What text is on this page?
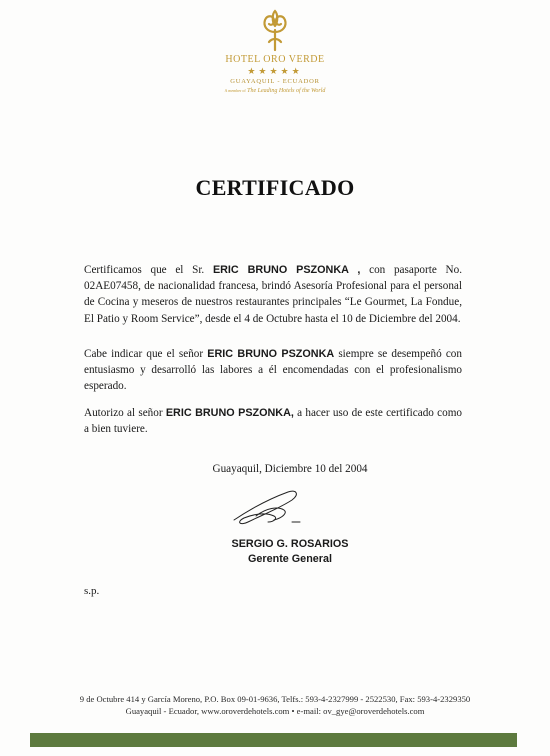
HOTEL ORO VERDE
★★★★★
GUAYAQUIL - ECUADOR
A member of The Leading Hotels of the World
CERTIFICADO
Certificamos que el Sr. ERIC BRUNO PSZONKA , con pasaporte No. 02AE07458, de nacionalidad francesa, brindó Asesoría Profesional para el personal de Cocina y meseros de nuestros restaurantes principales “Le Gourmet, La Fondue, El Patio y Room Service”, desde el 4 de Octubre hasta el 10 de Diciembre del 2004.
Cabe indicar que el señor ERIC BRUNO PSZONKA siempre se desempeñó con entusiasmo y desarrolló las labores a él encomendadas con el profesionalismo esperado.
Autorizo al señor ERIC BRUNO PSZONKA, a hacer uso de este certificado como a bien tuviere.
Guayaquil, Diciembre 10 del 2004
SERGIO G. ROSARIOS
Gerente General
s.p.
9 de Octubre 414 y García Moreno, P.O. Box 09-01-9636, Telfs.: 593-4-2327999 - 2522530, Fax: 593-4-2329350
Guayaquil - Ecuador, www.oroverdehotels.com • e-mail: ov_gye@oroverdehotels.com
